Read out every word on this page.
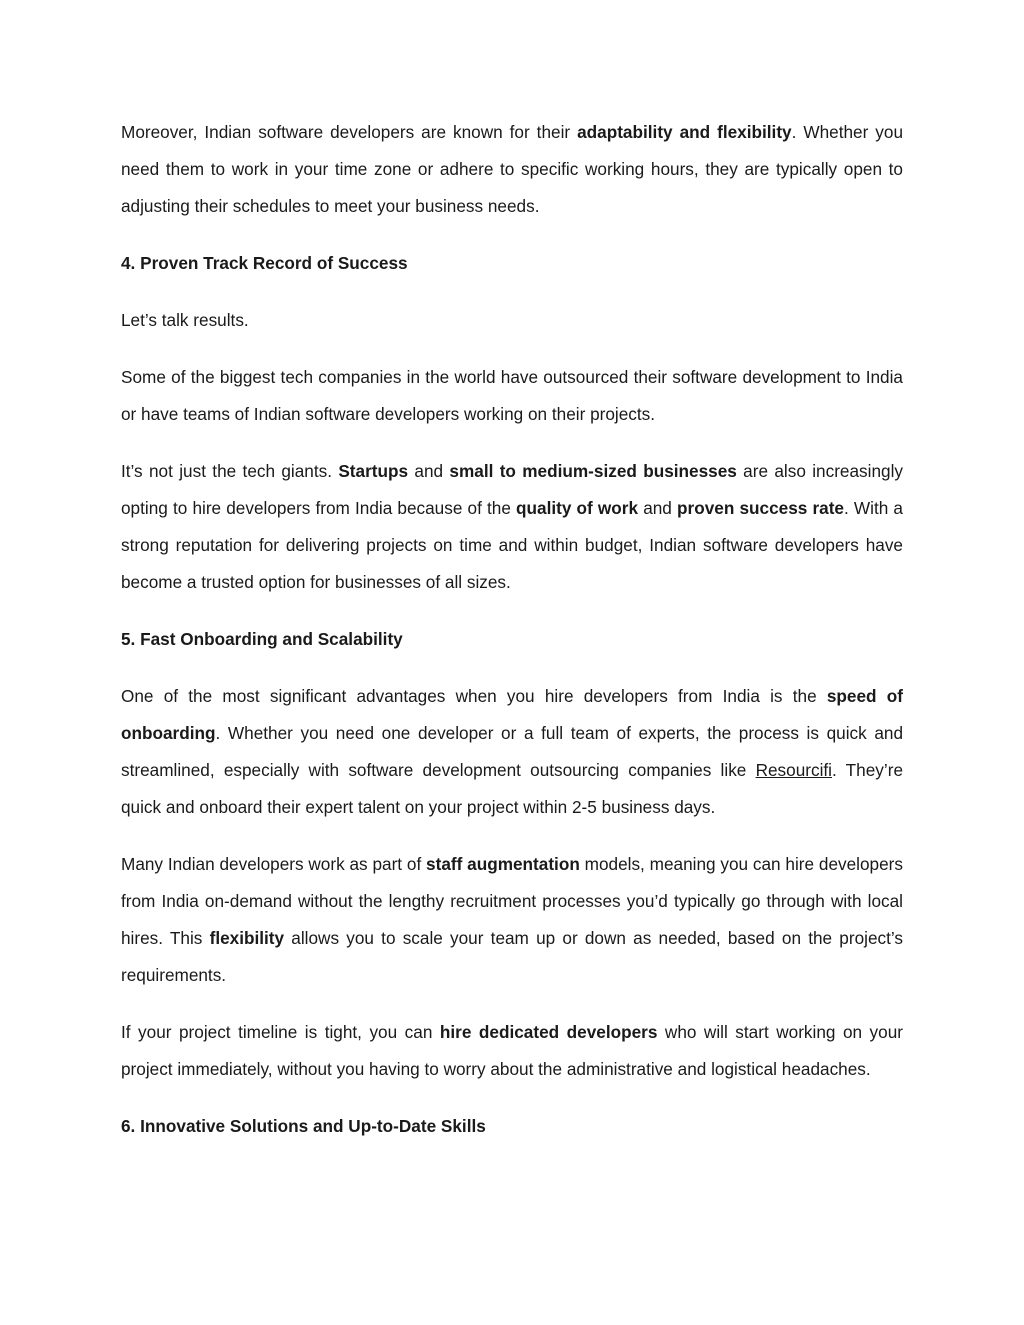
Moreover, Indian software developers are known for their adaptability and flexibility. Whether you need them to work in your time zone or adhere to specific working hours, they are typically open to adjusting their schedules to meet your business needs.

4. Proven Track Record of Success

Let’s talk results.

Some of the biggest tech companies in the world have outsourced their software development to India or have teams of Indian software developers working on their projects.

It’s not just the tech giants. Startups and small to medium-sized businesses are also increasingly opting to hire developers from India because of the quality of work and proven success rate. With a strong reputation for delivering projects on time and within budget, Indian software developers have become a trusted option for businesses of all sizes.

5. Fast Onboarding and Scalability

One of the most significant advantages when you hire developers from India is the speed of onboarding. Whether you need one developer or a full team of experts, the process is quick and streamlined, especially with software development outsourcing companies like Resourcifi. They’re quick and onboard their expert talent on your project within 2-5 business days.

Many Indian developers work as part of staff augmentation models, meaning you can hire developers from India on-demand without the lengthy recruitment processes you’d typically go through with local hires. This flexibility allows you to scale your team up or down as needed, based on the project’s requirements.

If your project timeline is tight, you can hire dedicated developers who will start working on your project immediately, without you having to worry about the administrative and logistical headaches.

6. Innovative Solutions and Up-to-Date Skills
